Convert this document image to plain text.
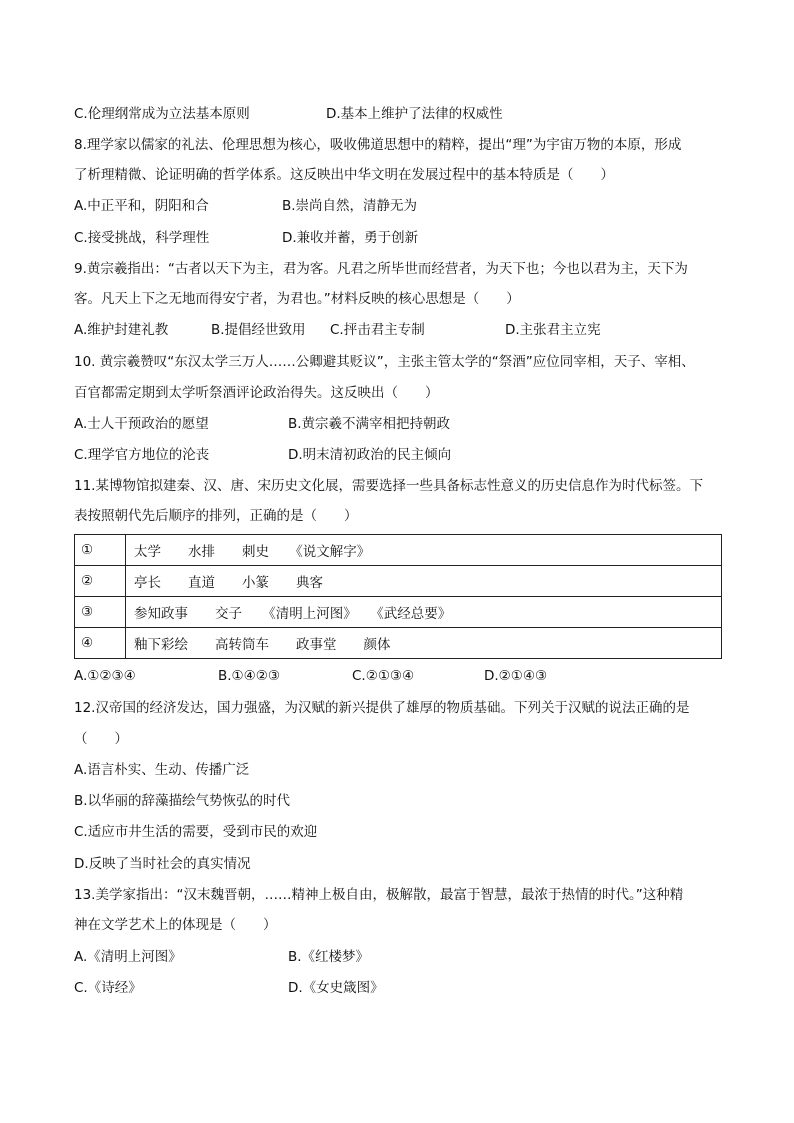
C.伦理纲常成为立法基本原则	D.基本上维护了法律的权威性
8.理学家以儒家的礼法、伦理思想为核心，吸收佛道思想中的精粹，提出“理”为宇宙万物的本原，形成
了析理精微、论证明确的哲学体系。这反映出中华文明在发展过程中的基本特质是（　　）
A.中正平和，阴阳和合	B.崇尚自然，清静无为
C.接受挑战，科学理性	D.兼收并蓄，勇于创新
9.黄宗羲指出：“古者以天下为主，君为客。凡君之所毕世而经营者，为天下也；今也以君为主，天下为
客。凡天上下之无地而得安宁者，为君也。”材料反映的核心思想是（　　）
A.维护封建礼教	B.提倡经世致用 C.抨击君主专制	D.主张君主立宪
10. 黄宗羲赞叹“东汉太学三万人……公卿避其贬议”，主张主管太学的“祭酒”应位同宰相，天子、宰相、
百官都需定期到太学听祭酒评论政治得失。这反映出（　　）
A.士人干预政治的愿望	B.黄宗羲不满宰相把持朝政
C.理学官方地位的沦丧	D.明末清初政治的民主倾向
11.某博物馆拟建秦、汉、唐、宋历史文化展，需要选择一些具备标志性意义的历史信息作为时代标签。下
表按照朝代先后顺序的排列，正确的是（　　）
①	太学　　水排　　刺史　　《说文解字》
②	亭长　　直道　　小篆　　典客
③	参知政事　　交子　　《清明上河图》　　《武经总要》
④	釉下彩绘　　高转筒车　　政事堂　　颜体
A.①②③④	B.①④②③	C.②①③④	D.②①④③
12.汉帝国的经济发达，国力强盛，为汉赋的新兴提供了雄厚的物质基础。下列关于汉赋的说法正确的是
（　　）
A.语言朴实、生动、传播广泛
B.以华丽的辞藻描绘气势恢弘的时代
C.适应市井生活的需要，受到市民的欢迎
D.反映了当时社会的真实情况
13.美学家指出：“汉末魏晋朝，……精神上极自由，极解散，最富于智慧，最浓于热情的时代。”这种精
神在文学艺术上的体现是（　　）
A.《清明上河图》	B.《红楼梦》
C.《诗经》	D.《女史箴图》
